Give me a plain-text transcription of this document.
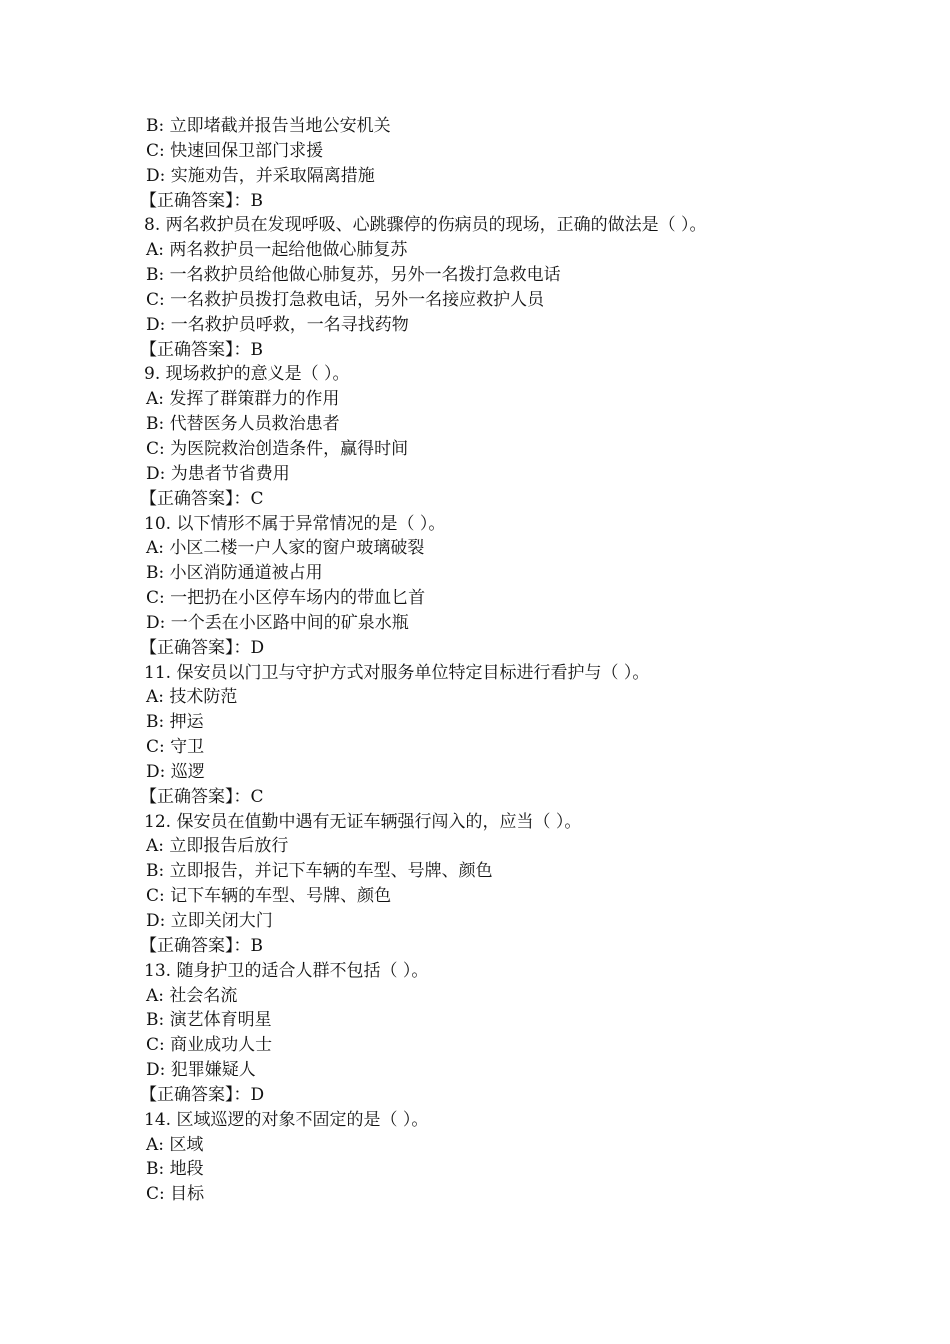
B: 立即堵截并报告当地公安机关
C: 快速回保卫部门求援
D: 实施劝告，并采取隔离措施
【正确答案】：B
8. 两名救护员在发现呼吸、心跳骤停的伤病员的现场，正确的做法是（ ）。
A: 两名救护员一起给他做心肺复苏
B: 一名救护员给他做心肺复苏，另外一名拨打急救电话
C: 一名救护员拨打急救电话，另外一名接应救护人员
D: 一名救护员呼救，一名寻找药物
【正确答案】：B
9. 现场救护的意义是（ ）。
A: 发挥了群策群力的作用
B: 代替医务人员救治患者
C: 为医院救治创造条件，赢得时间
D: 为患者节省费用
【正确答案】：C
10. 以下情形不属于异常情况的是（ ）。
A: 小区二楼一户人家的窗户玻璃破裂
B: 小区消防通道被占用
C: 一把扔在小区停车场内的带血匕首
D: 一个丢在小区路中间的矿泉水瓶
【正确答案】：D
11. 保安员以门卫与守护方式对服务单位特定目标进行看护与（ ）。
A: 技术防范
B: 押运
C: 守卫
D: 巡逻
【正确答案】：C
12. 保安员在值勤中遇有无证车辆强行闯入的，应当（ ）。
A: 立即报告后放行
B: 立即报告，并记下车辆的车型、号牌、颜色
C: 记下车辆的车型、号牌、颜色
D: 立即关闭大门
【正确答案】：B
13. 随身护卫的适合人群不包括（ ）。
A: 社会名流
B: 演艺体育明星
C: 商业成功人士
D: 犯罪嫌疑人
【正确答案】：D
14. 区域巡逻的对象不固定的是（ ）。
A: 区域
B: 地段
C: 目标
